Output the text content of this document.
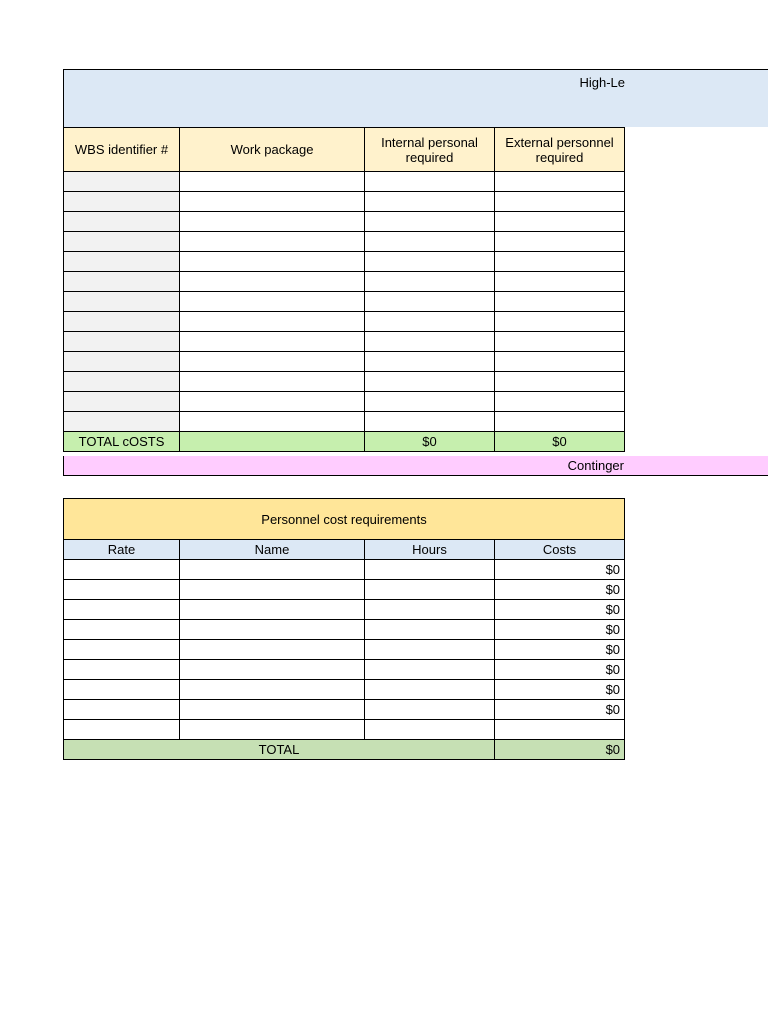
High-Le
WBS identifier #	Work package	Internal personal required	External personnel required

TOTAL cOSTS		$0	$0
Continger
Personnel cost requirements			
Rate	Name	Hours	Costs
			$0
			$0
			$0
			$0
			$0
			$0
			$0
			$0

TOTAL			$0
